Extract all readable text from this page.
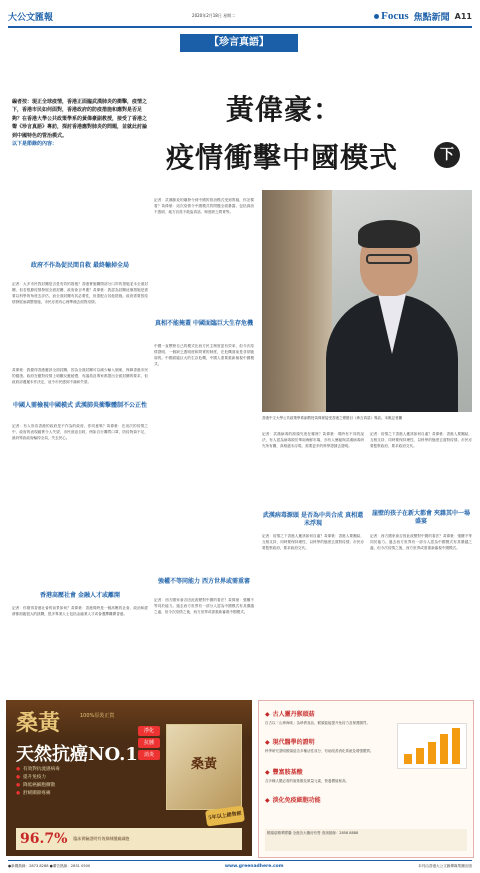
大公文匯報	2020年2月18日 星期二	Focus 焦點新聞 A11
【珍言真語】
黃偉豪：
疫情衝擊中國模式	下
編者按：現正全球疫情，香港正面臨武漢肺炎的衝擊，疫情之下，香港市民如何面對，香港政府的防疫措施和應對是否足夠？在香港大學公共政策學系的黃偉豪副教授，接受了香港之聲《珍言真語》專訪，探討香港應對肺炎的問題，並就此討論到中國特色的管治模式。
以下是節錄的內容：
政府不作為促民間自救 最終輸掉全局
記者：大多市民對封關是否是有效的措施？香港實施關閉部分口岸的措施並未全面封關，但若根據疫情發展全面封關，政府會否考慮？黃偉豪：我認為封關這個措施是需要以科學的角度去評估，而全面封關有其必要性，但需配合其他措施。政府需要按疫情發展而調整措施，市民亦需有心理準備去面對疫情。
黃偉豪：我覺得香港應該全面封關，因為全面封關可以減少輸入個案，保障香港市民的健康。政府在應對疫情上明顯反應緩慢，有議員及專家都提出全面封關的要求，但政府卻遲遲未作決定，這令市民感到不滿和失望。
中國人需檢視中國模式 武漢肺炎衝擊體制不公正性
記者：有人形容香港的政府是不作為的政府，你同意嗎？黃偉豪：在這次的疫情之中，政府的表現確實令人失望，市民被迫自救，例如自行購買口罩，防疫物資不足，最終導致政府輸掉全局，失去民心。
香港高壓社會 金融人才或離開
記者：你覺得香港社會的前景如何？黃偉豪：香港現時是一個高壓的社會，政治和經濟都面臨很大的挑戰，很多專業人士包括金融業人才或會選擇離開香港。
記者：武漢肺炎的爆發令到中國的管治模式受到質疑，你怎樣看？黃偉豪：這次疫情令中國模式的問題全面暴露，包括資訊不透明、地方官員不敢說真話、制度缺乏問責等。
真相不能掩蓋 中國面臨巨大生存危機
中國一直標榜自己的模式比西方民主制度更有效率，但今次疫情證明，一個缺乏透明度和問責的制度，在危機面前是非常脆弱的。中國面臨巨大的生存危機，中國人需要重新檢視中國模式。
強權不等同能力 西方世界或需重審
記者：西方國家會否因此改變對中國的看法？黃偉豪：強權不等同於能力。過去西方世界有一部分人認為中國模式有其優越之處，但今次疫情之後，西方世界或需重新審視中國模式。
香港中文大學公共政策學系副教授黃偉豪接受香港之聲節目《珍言真語》專訪。本報記者攝
記者：武漢病毒的源頭究竟在哪裡？黃偉豪：現時有不同的說法，有人認為病毒源於華南海鮮市場，亦有人懷疑與武漢病毒研究所有關，真相還未浮現，需要更多的科學證據去證明。
武漢病毒源頭 是否為中共合成 真相還未浮現
記者：疫情之下香港人應該如何自處？黃偉豪：香港人要團結，互相支持，同時要保持理性，以科學的態度去面對疫情。市民亦要監察政府，要求政府交代。
記者：疫情之下香港人應該如何自處？黃偉豪：香港人要團結，互相支持，同時要保持理性，以科學的態度去面對疫情。市民亦要監察政府，要求政府交代。
崖壁的孩子在新大都會 夾雜其中一場盛宴
記者：西方國家會否因此改變對中國的看法？黃偉豪：強權不等同於能力。過去西方世界有一部分人認為中國模式有其優越之處，但今次疫情之後，西方世界或需重新審視中國模式。
桑黃	100%原裝正貨
天然抗癌NO.1	桑黃
淨化
抗腫
消炎
● 有效對抗流感病毒
● 提升免疫力
● 降低癌細胞擴散
● 舒緩關節疼痛
5年以上銷售經驗
96.7% 臨床實驗證明有效抑制腫瘤細胞
◆ 古人靈丹猴頭菇
自古以「山珍海味」為珍貴食品，猴頭菇能提升免疫力及保護腸胃。
◆ 現代醫學的證明
科學研究證明猴頭菇含多種活性成分，有助改善消化系統及增強體質。
◆ 豐富胺基酸
含多種人體必需的胺基酸及微量元素，營養價值極高。
◆ 淡化免疫細胞功能
猴頭菇精華膠囊 全港各大藥房有售 查詢熱線：2858 8888
●新聞熱線：2873 8288 ●廣告熱線：2831 0500	www.greenadhere.com	本刊由香港大公文匯傳媒集團出版
